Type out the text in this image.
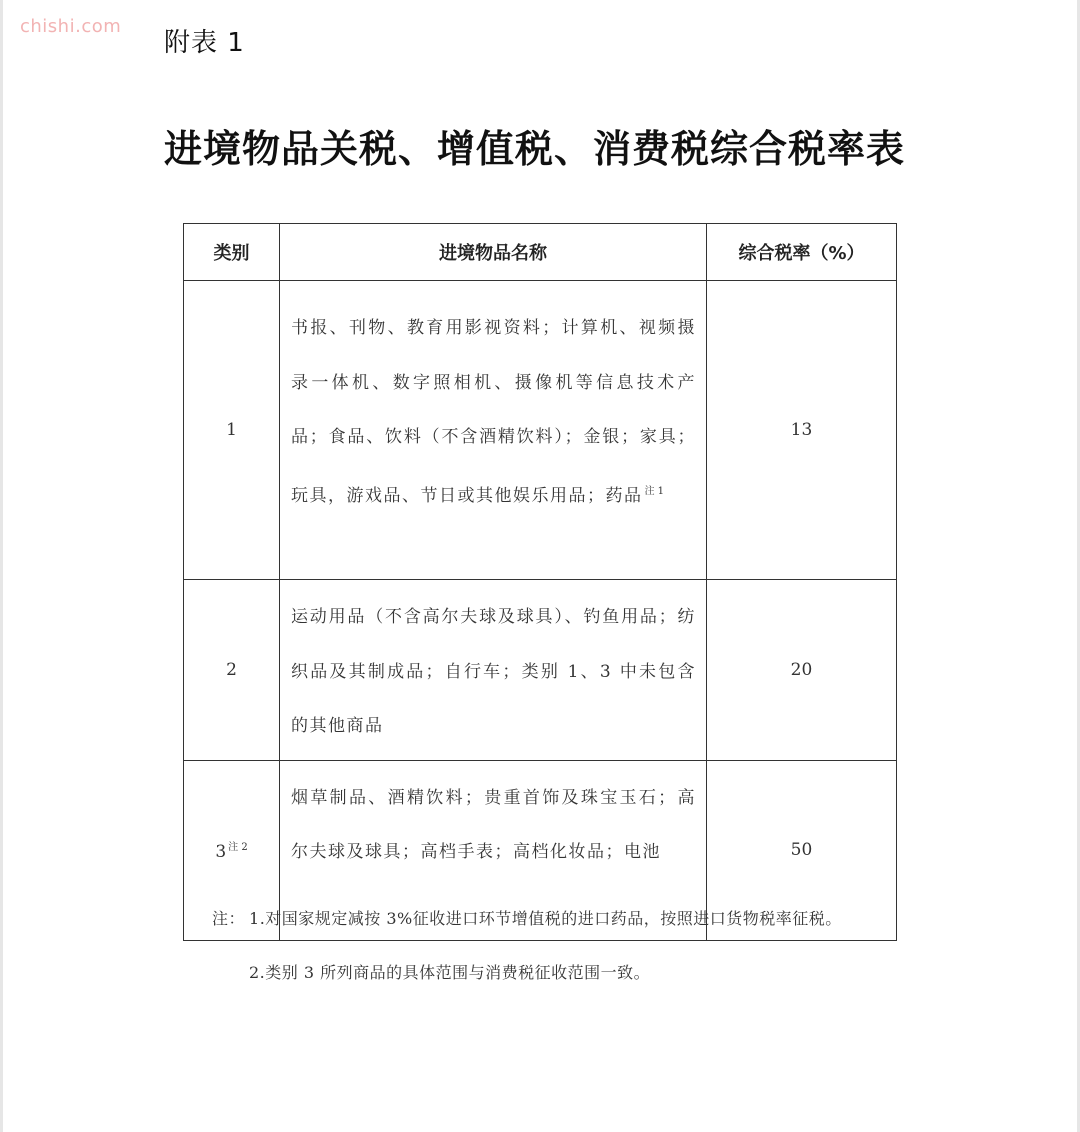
chishi.com
附表 1
进境物品关税、增值税、消费税综合税率表
类别	进境物品名称	综合税率（%）
1	书报、刊物、教育用影视资料；计算机、视频摄录一体机、数字照相机、摄像机等信息技术产品；食品、饮料（不含酒精饮料）；金银；家具；玩具，游戏品、节日或其他娱乐用品；药品 $^{注 1}$	13
2	运动用品（不含高尔夫球及球具）、钓鱼用品；纺织品及其制成品；自行车；类别 1、3 中未包含的其他商品	20
3 $^{注 2}$	烟草制品、酒精饮料；贵重首饰及珠宝玉石；高尔夫球及球具；高档手表；高档化妆品；电池	50
注： 1.对国家规定减按 3%征收进口环节增值税的进口药品，按照进口货物税率征税。
2.类别 3 所列商品的具体范围与消费税征收范围一致。
